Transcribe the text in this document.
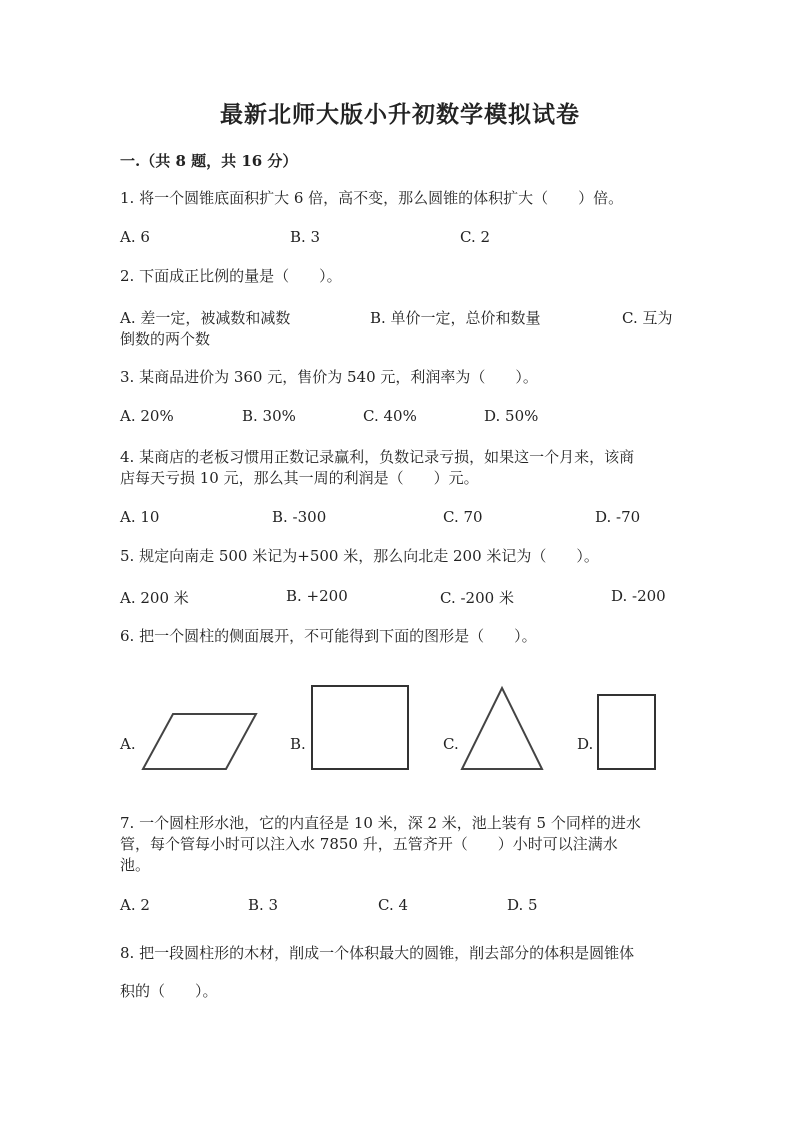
最新北师大版小升初数学模拟试卷
一.（共 8 题，共 16 分）
1. 将一个圆锥底面积扩大 6 倍，高不变，那么圆锥的体积扩大（　　）倍。
A. 6	B. 3	C. 2
2. 下面成正比例的量是（　　）。
A. 差一定，被减数和减数	B. 单价一定，总价和数量	C. 互为
倒数的两个数
3. 某商品进价为 360 元，售价为 540 元，利润率为（　　）。
A. 20%	B. 30%	C. 40%	D. 50%
4. 某商店的老板习惯用正数记录赢利，负数记录亏损，如果这一个月来，该商
店每天亏损 10 元，那么其一周的利润是（　　）元。
A. 10	B. -300	C. 70	D. -70
5. 规定向南走 500 米记为+500 米，那么向北走 200 米记为（　　）。
A. 200 米	B. +200	C. -200 米	D. -200
6. 把一个圆柱的侧面展开，不可能得到下面的图形是（　　）。
A.	B.	C.	D.
7. 一个圆柱形水池，它的内直径是 10 米，深 2 米，池上装有 5 个同样的进水
管，每个管每小时可以注入水 7850 升，五管齐开（　　）小时可以注满水
池。
A. 2	B. 3	C. 4	D. 5
8. 把一段圆柱形的木材，削成一个体积最大的圆锥，削去部分的体积是圆锥体
积的（　　）。
